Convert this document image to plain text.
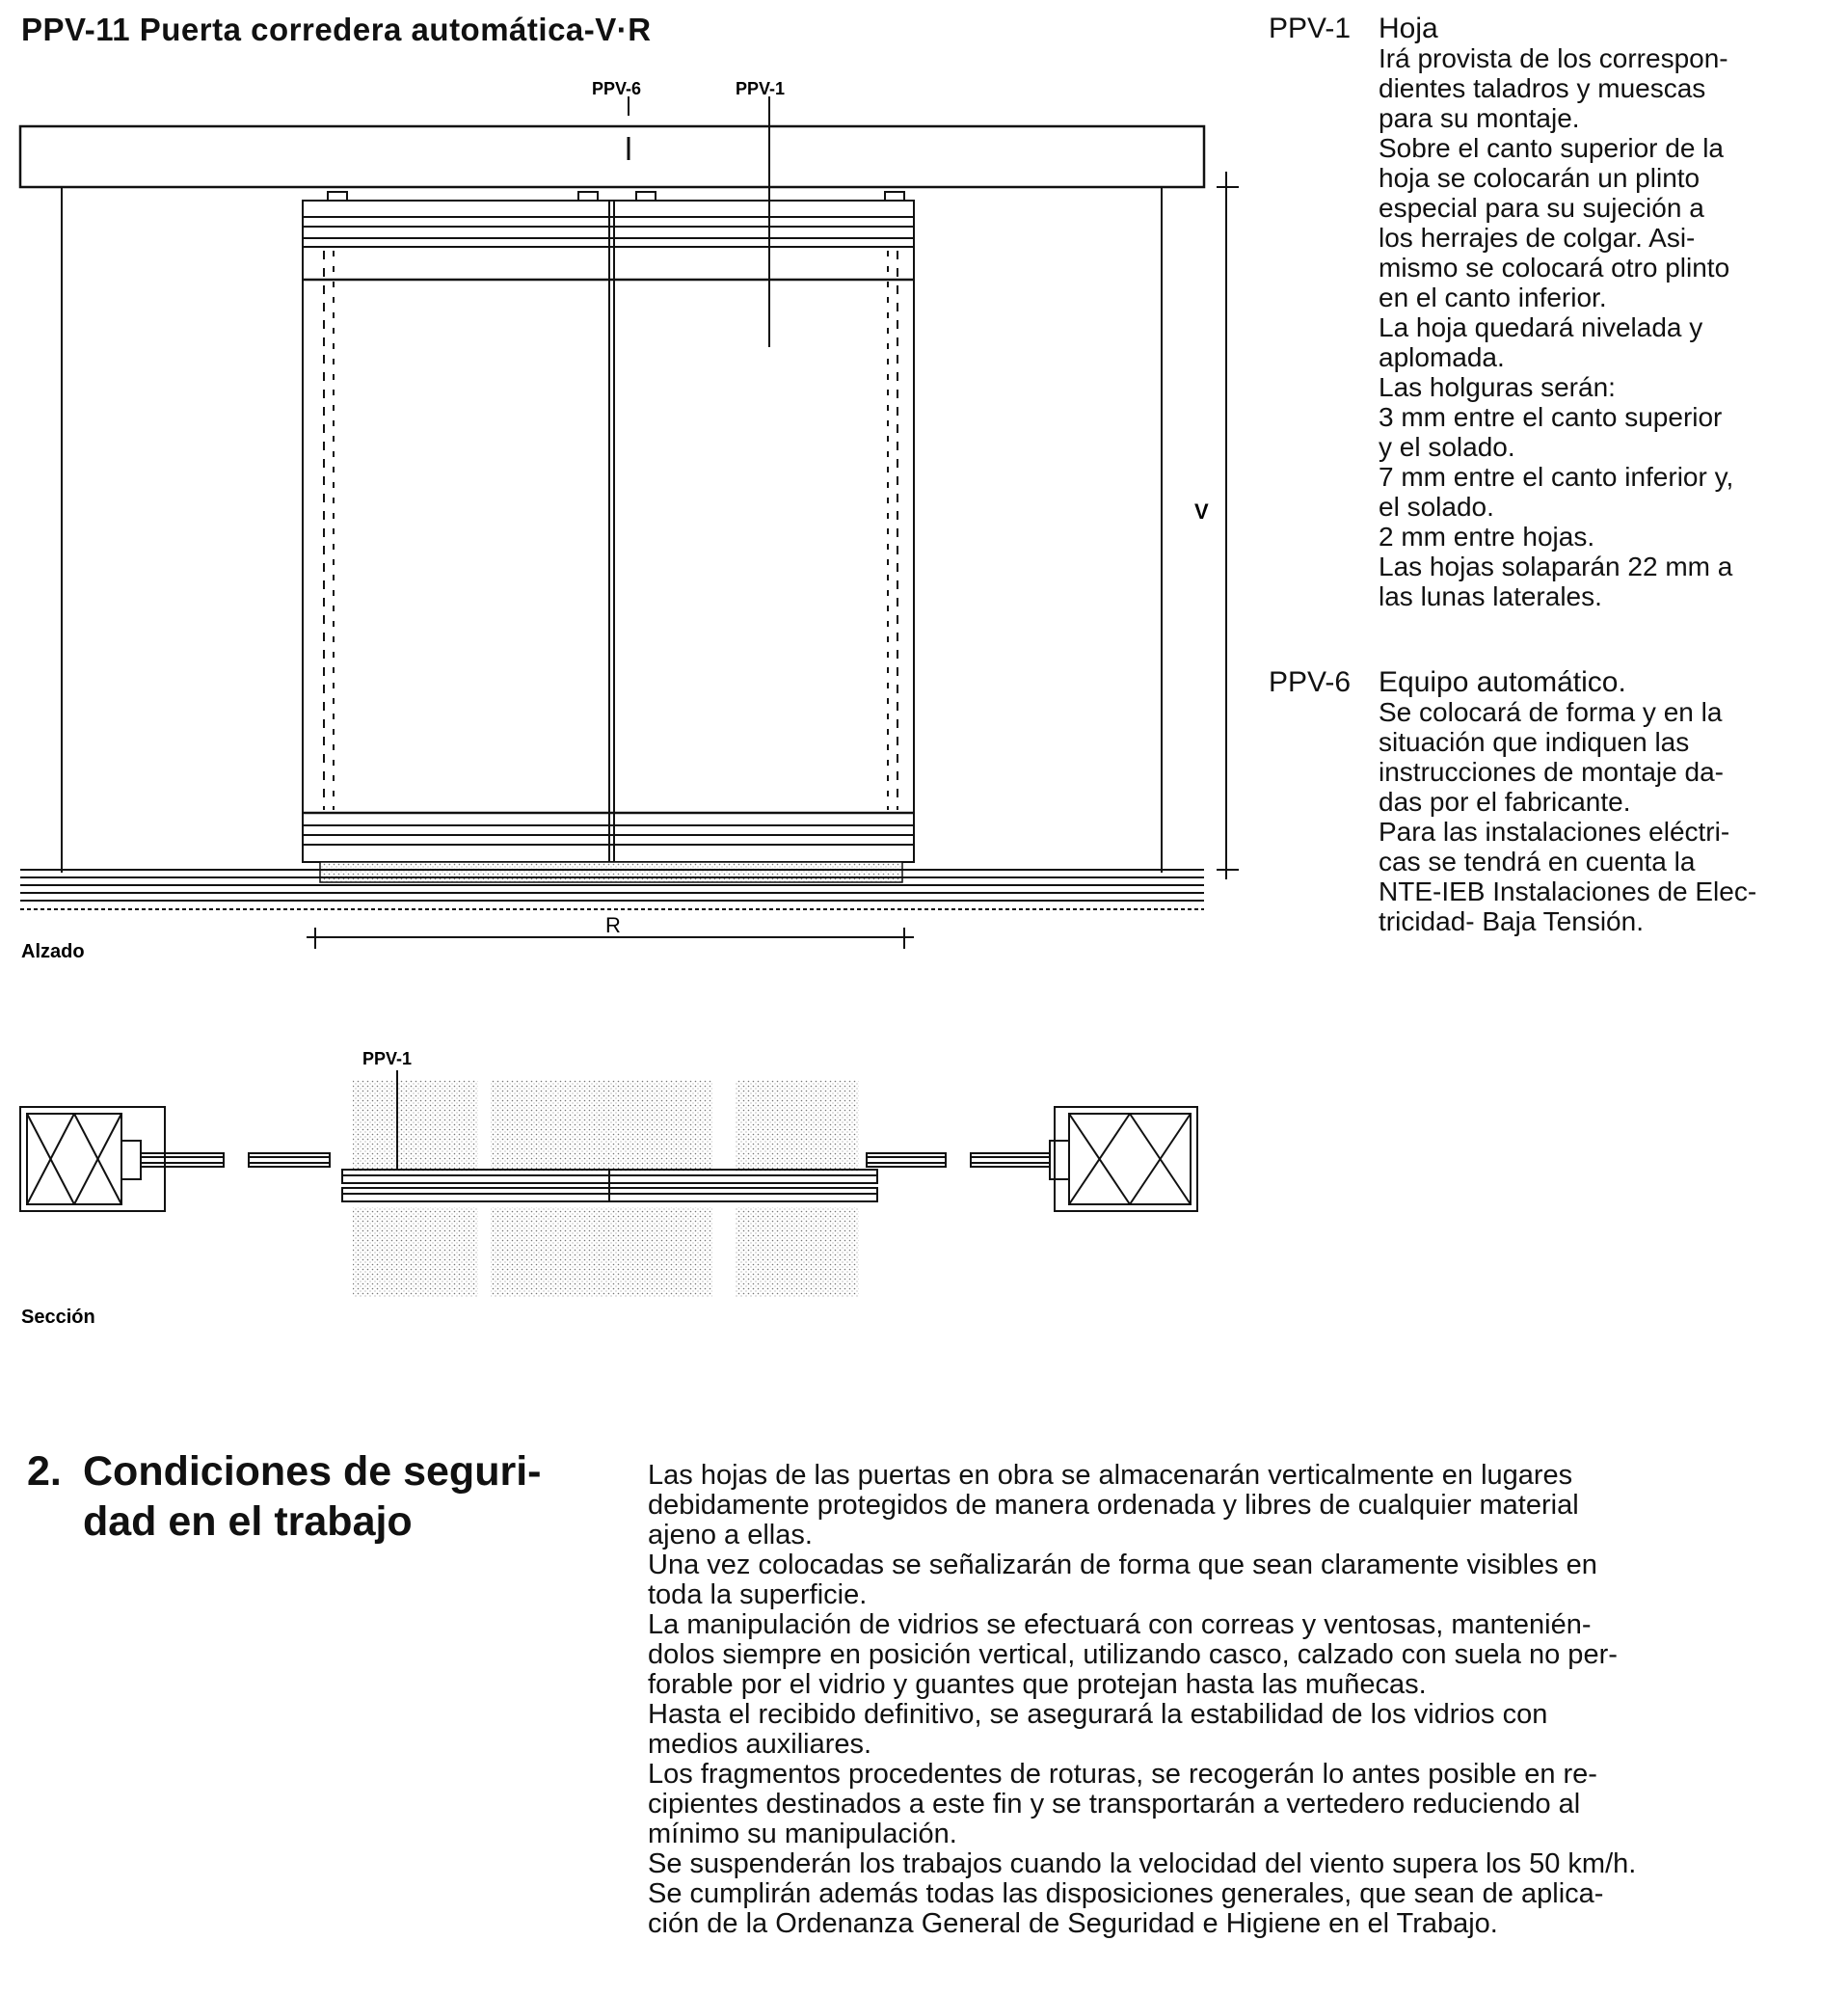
PPV-11 Puerta corredera automática-V·R
PPV-6	PPV-1
V
R
Alzado
PPV-1
Sección
PPV-1 Hoja

Irá provista de los correspon-

dientes taladros y muescas

para su montaje.

Sobre el canto superior de la

hoja se colocarán un plinto

especial para su sujeción a

los herrajes de colgar. Asi-

mismo se colocará otro plinto

en el canto inferior.

La hoja quedará nivelada y

aplomada.

Las holguras serán:

3 mm entre el canto superior

y el solado.

7 mm entre el canto inferior y,

el solado.

2 mm entre hojas.

Las hojas solaparán 22 mm a

las lunas laterales.

PPV-6 Equipo automático.

Se colocará de forma y en la

situación que indiquen las

instrucciones de montaje da-

das por el fabricante.

Para las instalaciones eléctri-

cas se tendrá en cuenta la

NTE-IEB Instalaciones de Elec-

tricidad- Baja Tensión.

2. Condiciones de seguri-
dad en el trabajo

Las hojas de las puertas en obra se almacenarán verticalmente en lugares

debidamente protegidos de manera ordenada y libres de cualquier material

ajeno a ellas.

Una vez colocadas se señalizarán de forma que sean claramente visibles en

toda la superficie.

La manipulación de vidrios se efectuará con correas y ventosas, mantenién-

dolos siempre en posición vertical, utilizando casco, calzado con suela no per-

forable por el vidrio y guantes que protejan hasta las muñecas.

Hasta el recibido definitivo, se asegurará la estabilidad de los vidrios con

medios auxiliares.

Los fragmentos procedentes de roturas, se recogerán lo antes posible en re-

cipientes destinados a este fin y se transportarán a vertedero reduciendo al

mínimo su manipulación.

Se suspenderán los trabajos cuando la velocidad del viento supera los 50 km/h.

Se cumplirán además todas las disposiciones generales, que sean de aplica-

ción de la Ordenanza General de Seguridad e Higiene en el Trabajo.
